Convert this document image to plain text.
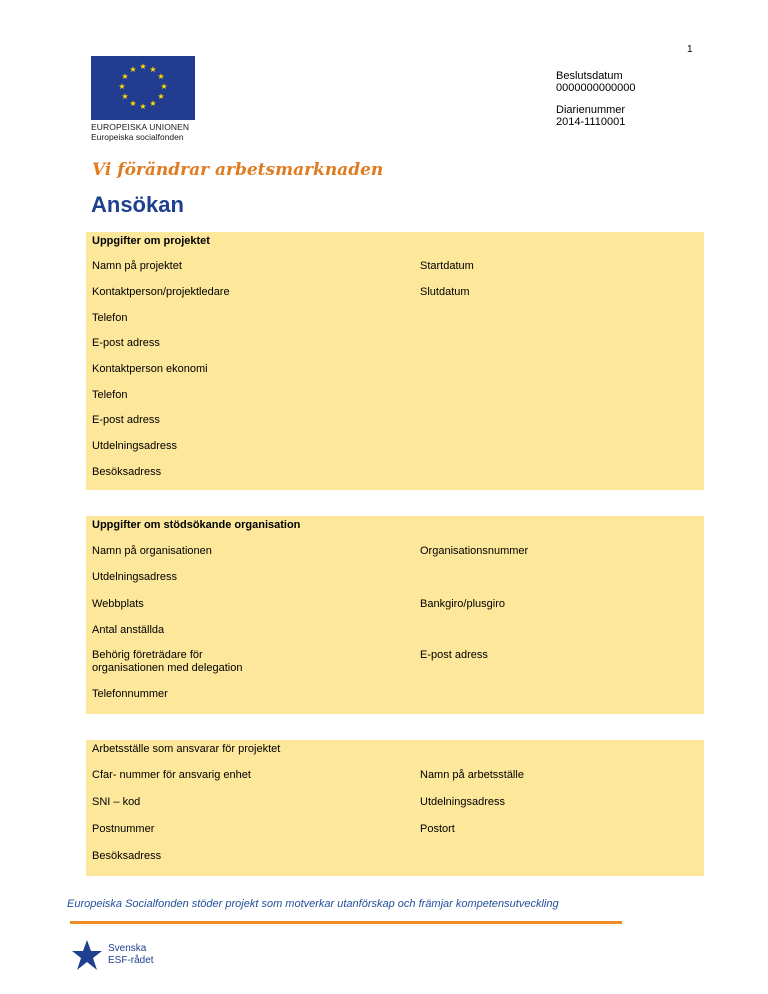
1
★ ★
★
★
★
★
★
★
★
★
★
★
EUROPEISKA UNIONEN
Europeiska socialfonden
Beslutsdatum
0000000000000
Diarienummer
2014-1110001
Vi förändrar arbetsmarknaden
Ansökan
Uppgifter om projektet
Namn på projektet
Kontaktperson/projektledare
Telefon
E-post adress
Kontaktperson ekonomi
Telefon
E-post adress
Utdelningsadress
Besöksadress
Startdatum
Slutdatum
Uppgifter om stödsökande organisation
Namn på organisationen
Utdelningsadress
Webbplats
Antal anställda
Behörig företrädare för
organisationen med delegation
Telefonnummer
Organisationsnummer
Bankgiro/plusgiro
E-post adress
Arbetsställe som ansvarar för projektet
Cfar- nummer för ansvarig enhet
SNI – kod
Postnummer
Besöksadress
Namn på arbetsställe
Utdelningsadress
Postort
Europeiska Socialfonden stöder projekt som motverkar utanförskap och främjar kompetensutveckling
Svenska
ESF-rådet
